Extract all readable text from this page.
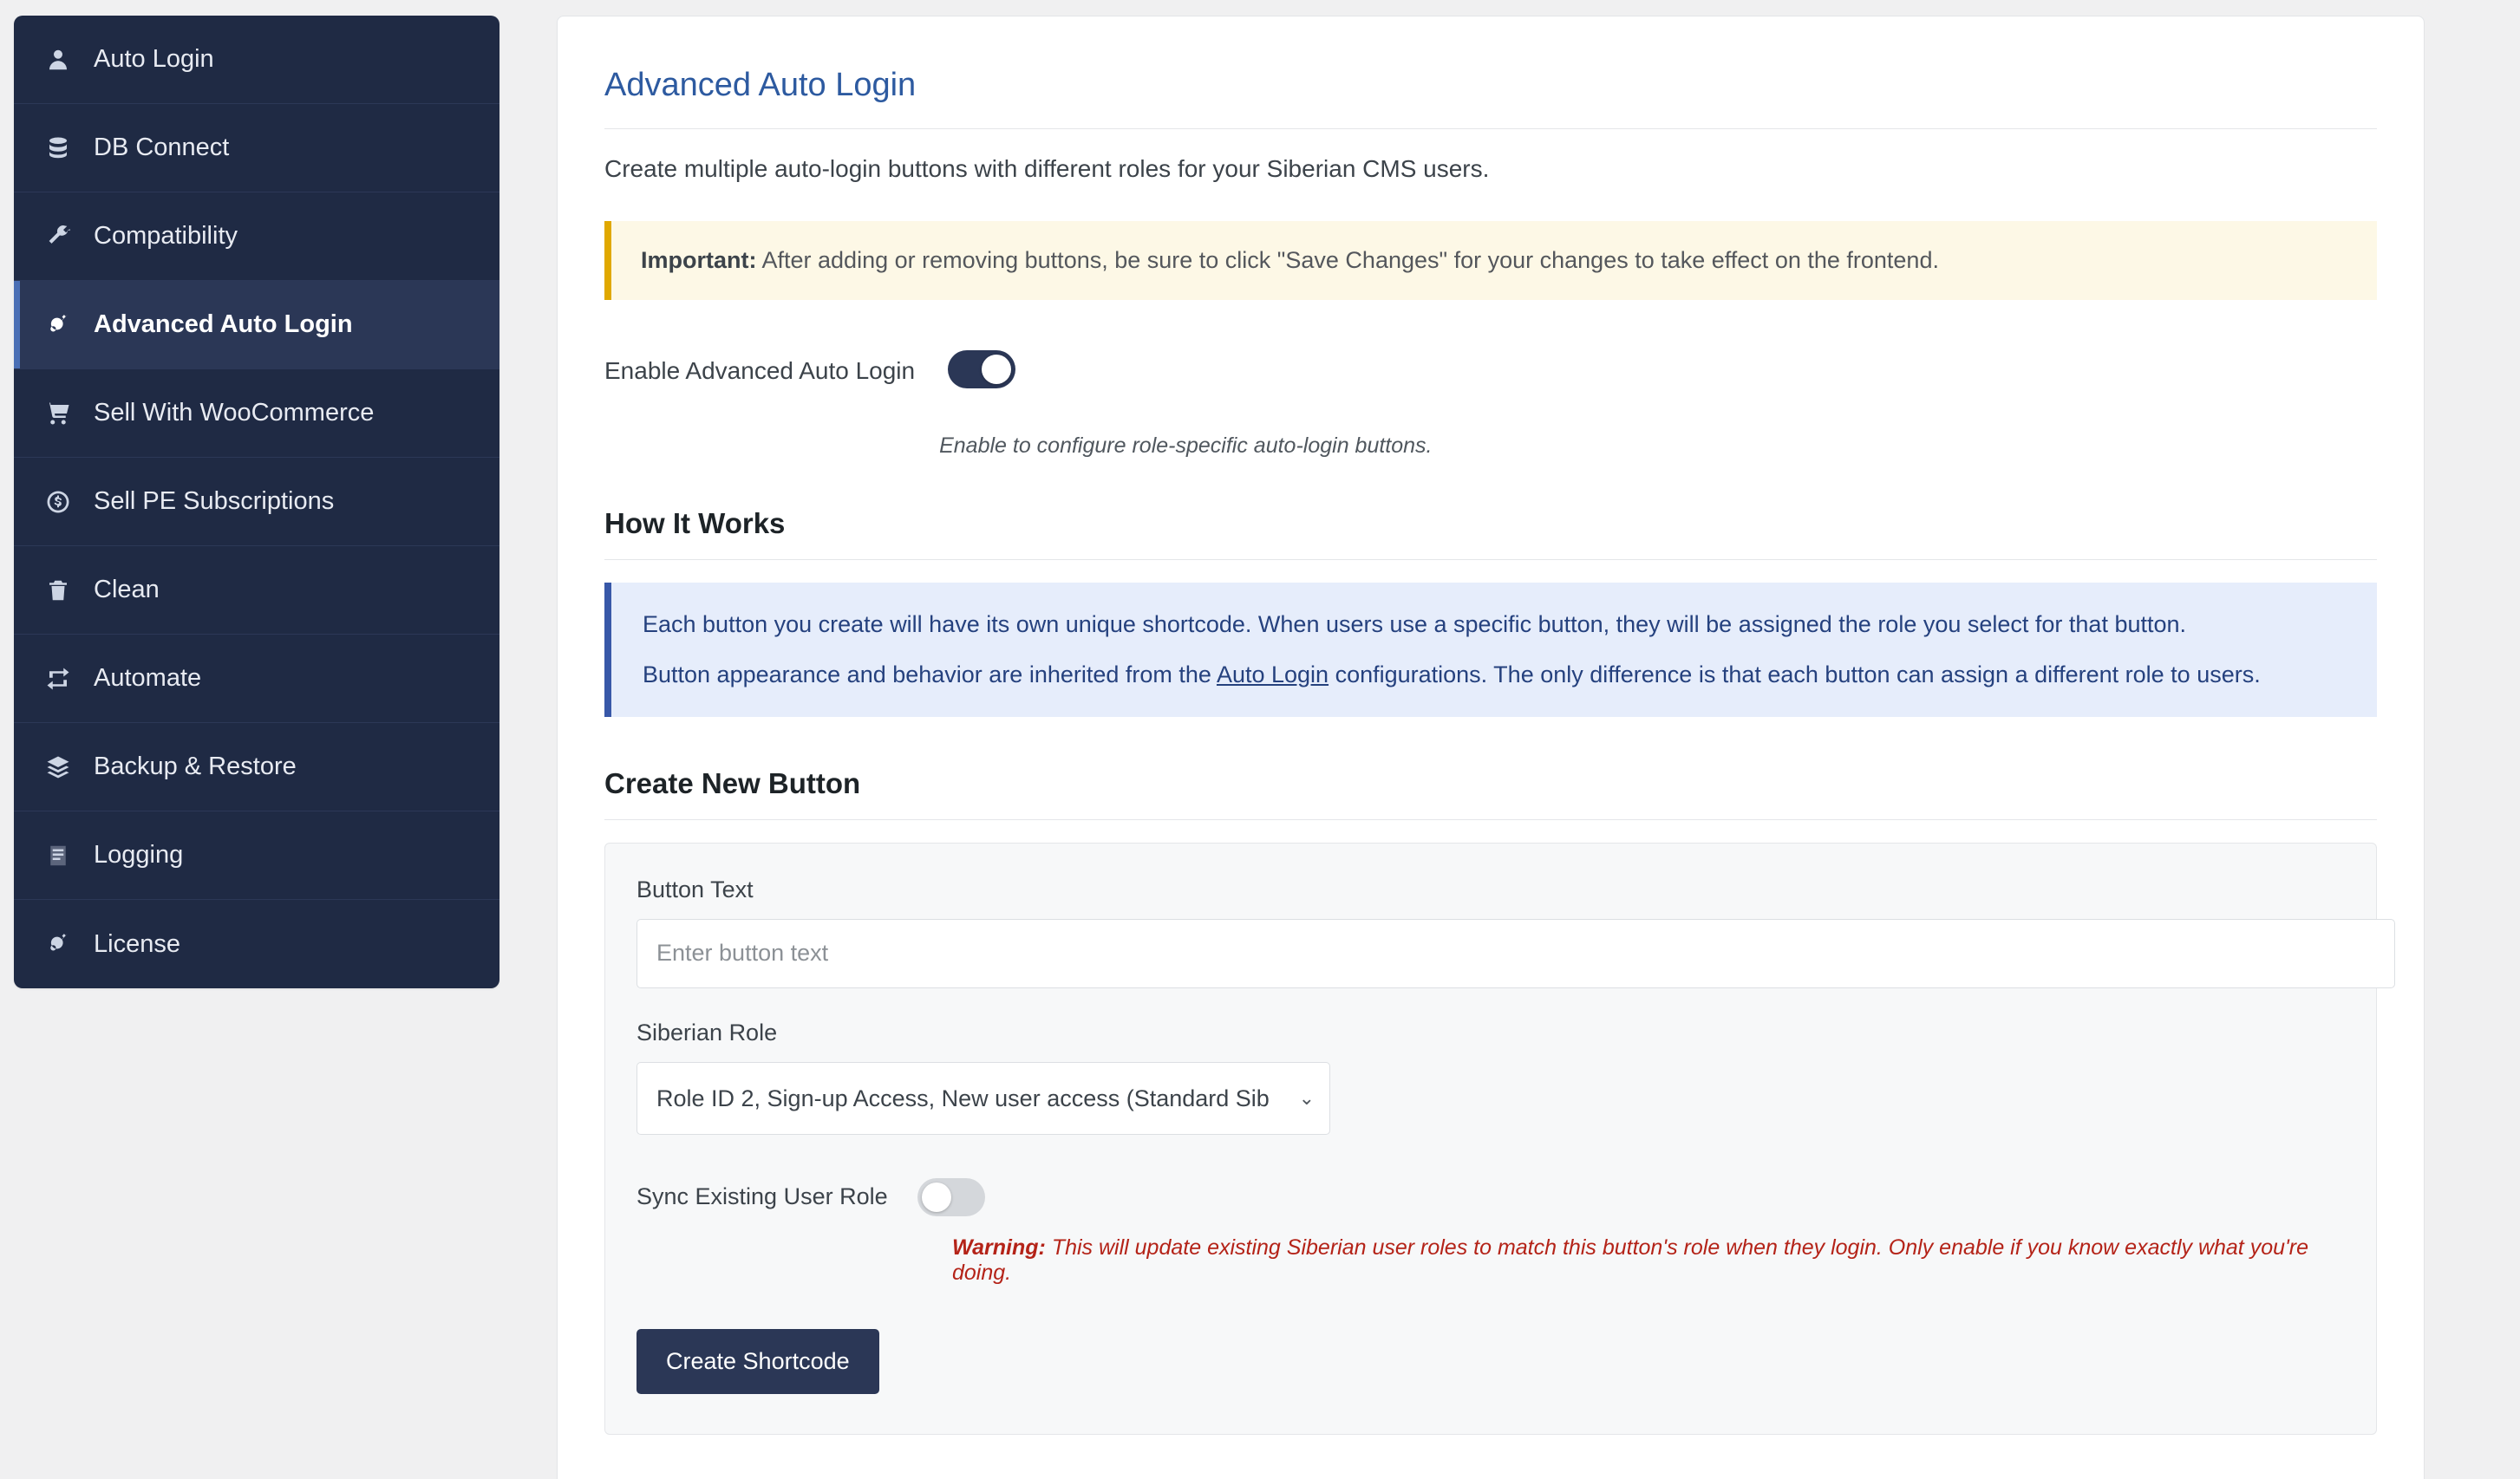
Auto Login
DB Connect
Compatibility
Advanced Auto Login
Sell With WooCommerce
Sell PE Subscriptions
Clean
Automate
Backup & Restore
Logging
License
Advanced Auto Login

Create multiple auto-login buttons with different roles for your Siberian CMS users.

Important: After adding or removing buttons, be sure to click "Save Changes" for your changes to take effect on the frontend.
Enable Advanced Auto Login
Enable to configure role-specific auto-login buttons.
How It Works

Each button you create will have its own unique shortcode. When users use a specific button, they will be assigned the role you select for that button.

Button appearance and behavior are inherited from the Auto Login configurations. The only difference is that each button can assign a different role to users.

Create New Button
Button Text
Enter button text
Siberian Role
Role ID 2, Sign-up Access, New user access (Standard Sib
⌄
Sync Existing User Role
Warning: This will update existing Siberian user roles to match this button's role when they login. Only enable if you know exactly what you're doing.
Create Shortcode
